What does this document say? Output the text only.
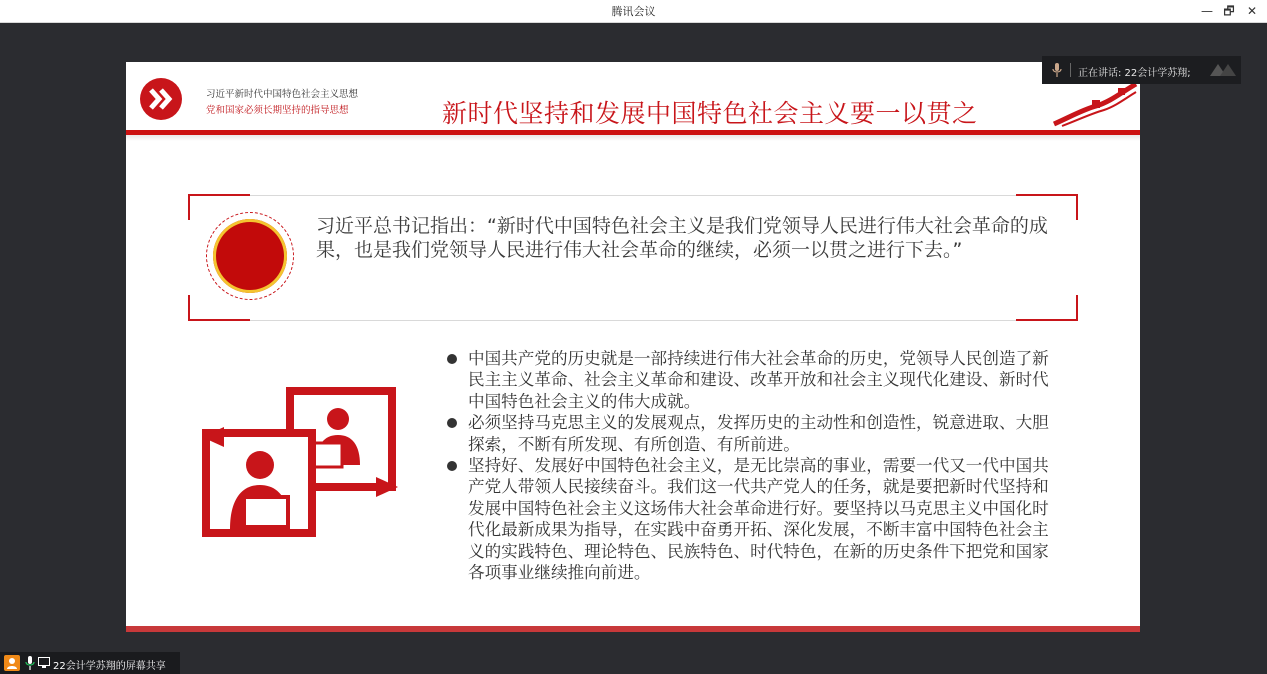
腾讯会议	— 🗗	✕
习近平新时代中国特色社会主义思想
党和国家必须长期坚持的指导思想	新时代坚持和发展中国特色社会主义要一以贯之
习近平总书记指出：“新时代中国特色社会主义是我们党领导人民进行伟大社会革命的成果，也是我们党领导人民进行伟大社会革命的继续，必须一以贯之进行下去。”
中国共产党的历史就是一部持续进行伟大社会革命的历史，党领导人民创造了新民主主义革命、社会主义革命和建设、改革开放和社会主义现代化建设、新时代中国特色社会主义的伟大成就。
必须坚持马克思主义的发展观点，发挥历史的主动性和创造性，锐意进取、大胆探索，不断有所发现、有所创造、有所前进。
坚持好、发展好中国特色社会主义，是无比崇高的事业，需要一代又一代中国共产党人带领人民接续奋斗。我们这一代共产党人的任务，就是要把新时代坚持和发展中国特色社会主义这场伟大社会革命进行好。要坚持以马克思主义中国化时代化最新成果为指导，在实践中奋勇开拓、深化发展，不断丰富中国特色社会主义的实践特色、理论特色、民族特色、时代特色，在新的历史条件下把党和国家各项事业继续推向前进。
正在讲话: 22会计学苏翔;
22会计学苏翔的屏幕共享
